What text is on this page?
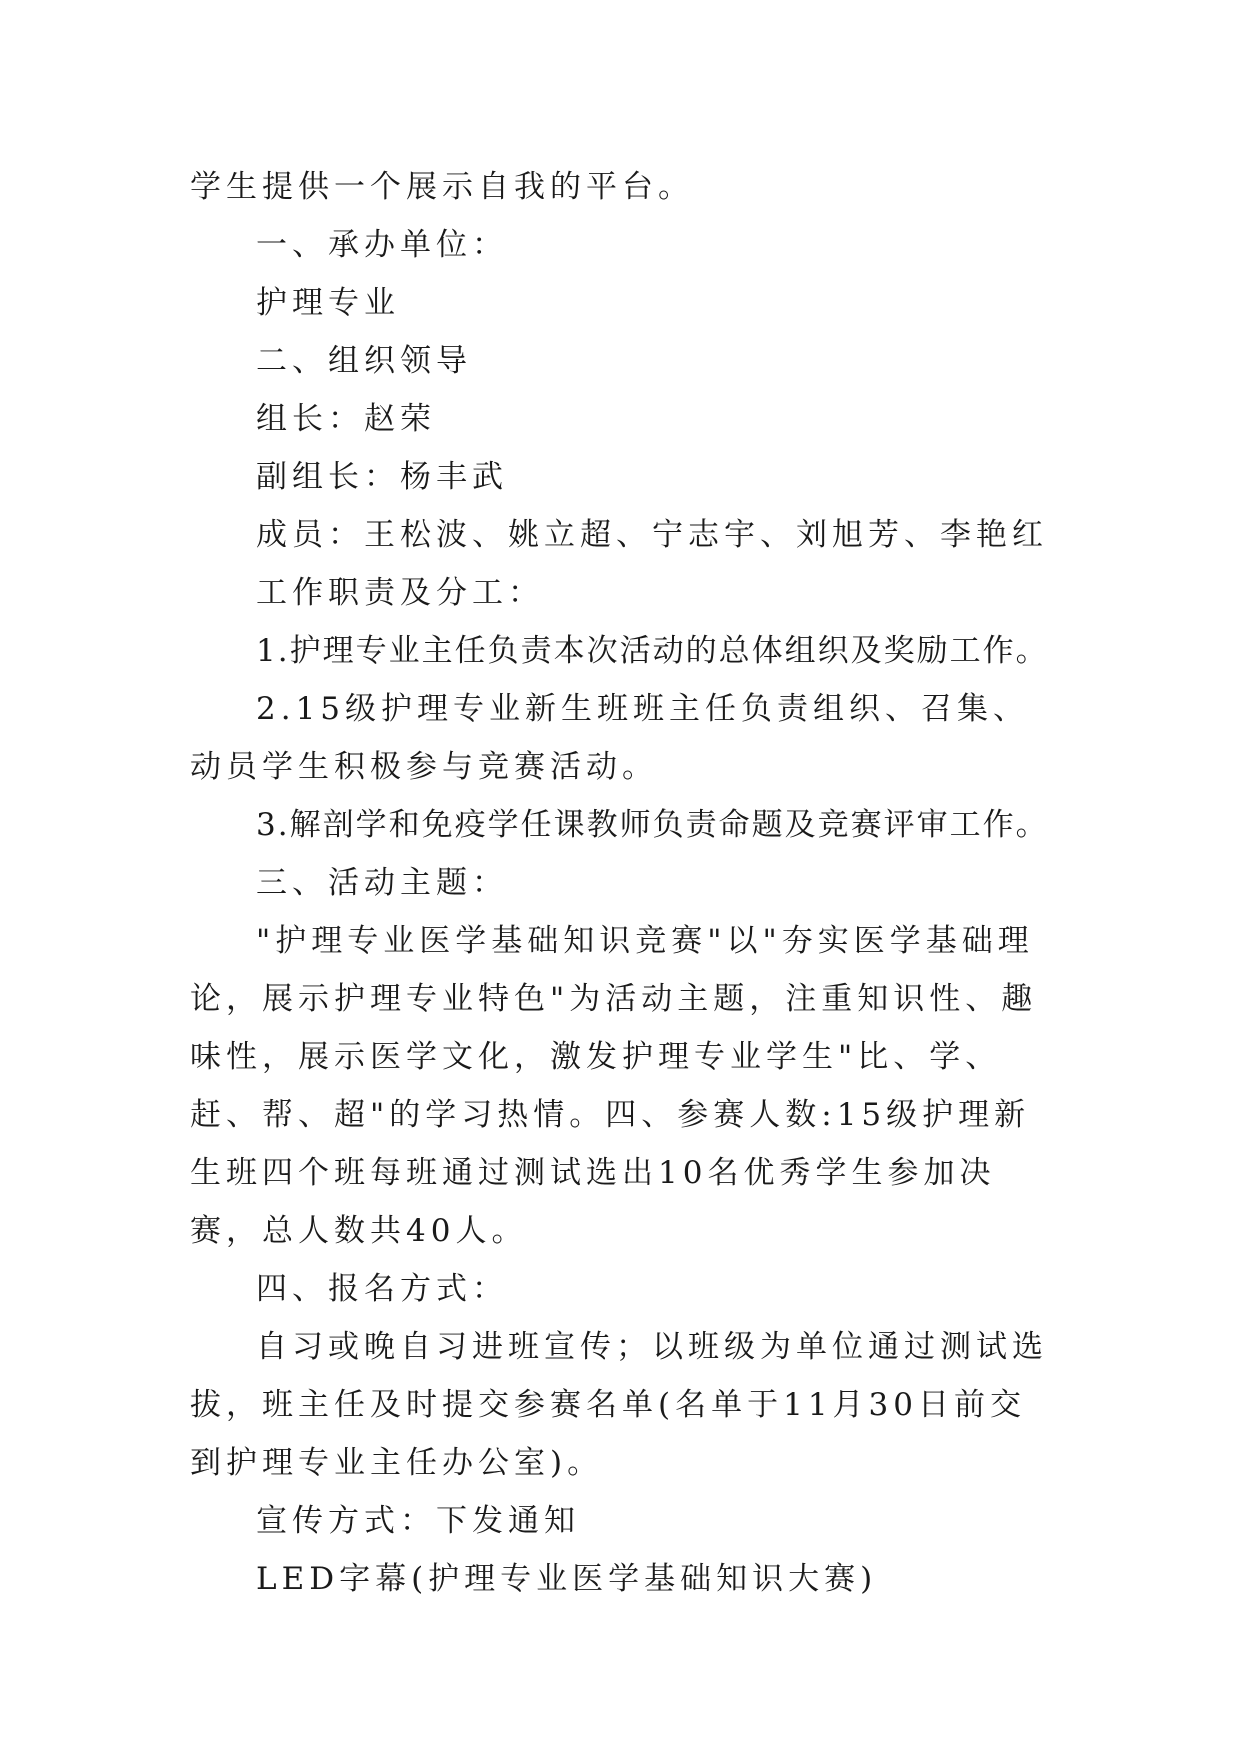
学生提供一个展示自我的平台。

一、承办单位：

护理专业

二、组织领导

组长：赵荣

副组长：杨丰武

成员：王松波、姚立超、宁志宇、刘旭芳、李艳红

工作职责及分工：

1.护理专业主任负责本次活动的总体组织及奖励工作。

2.15级护理专业新生班班主任负责组织、召集、动员学生积极参与竞赛活动。

3.解剖学和免疫学任课教师负责命题及竞赛评审工作。

三、活动主题：

"护理专业医学基础知识竞赛"以"夯实医学基础理论，展示护理专业特色"为活动主题，注重知识性、趣味性，展示医学文化，激发护理专业学生"比、学、赶、帮、超"的学习热情。四、参赛人数:15级护理新生班四个班每班通过测试选出10名优秀学生参加决赛，总人数共40人。

四、报名方式：

自习或晚自习进班宣传；以班级为单位通过测试选拔，班主任及时提交参赛名单(名单于11月30日前交到护理专业主任办公室)。

宣传方式：下发通知

LED字幕(护理专业医学基础知识大赛)
